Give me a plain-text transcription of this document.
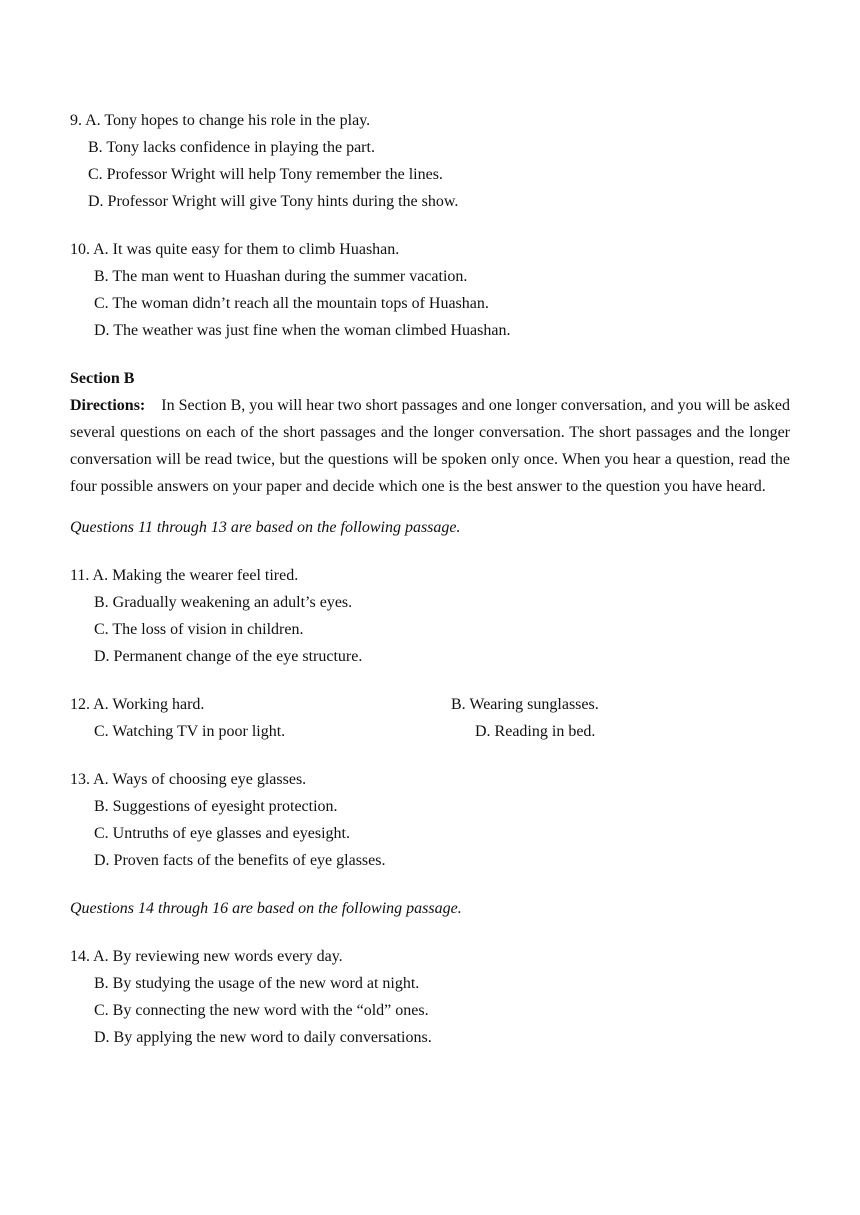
9. A. Tony hopes to change his role in the play.
B. Tony lacks confidence in playing the part.
C. Professor Wright will help Tony remember the lines.
D. Professor Wright will give Tony hints during the show.
10. A. It was quite easy for them to climb Huashan.
B. The man went to Huashan during the summer vacation.
C. The woman didn’t reach all the mountain tops of Huashan.
D. The weather was just fine when the woman climbed Huashan.
Section B

Directions: In Section B, you will hear two short passages and one longer conversation, and you will be asked several questions on each of the short passages and the longer conversation. The short passages and the longer conversation will be read twice, but the questions will be spoken only once. When you hear a question, read the four possible answers on your paper and decide which one is the best answer to the question you have heard.

Questions 11 through 13 are based on the following passage.
11. A. Making the wearer feel tired.
B. Gradually weakening an adult’s eyes.
C. The loss of vision in children.
D. Permanent change of the eye structure.
12. A. Working hard.	B. Wearing sunglasses.
C. Watching TV in poor light.	D. Reading in bed.
13. A. Ways of choosing eye glasses.
B. Suggestions of eyesight protection.
C. Untruths of eye glasses and eyesight.
D. Proven facts of the benefits of eye glasses.
Questions 14 through 16 are based on the following passage.
14. A. By reviewing new words every day.
B. By studying the usage of the new word at night.
C. By connecting the new word with the “old” ones.
D. By applying the new word to daily conversations.
